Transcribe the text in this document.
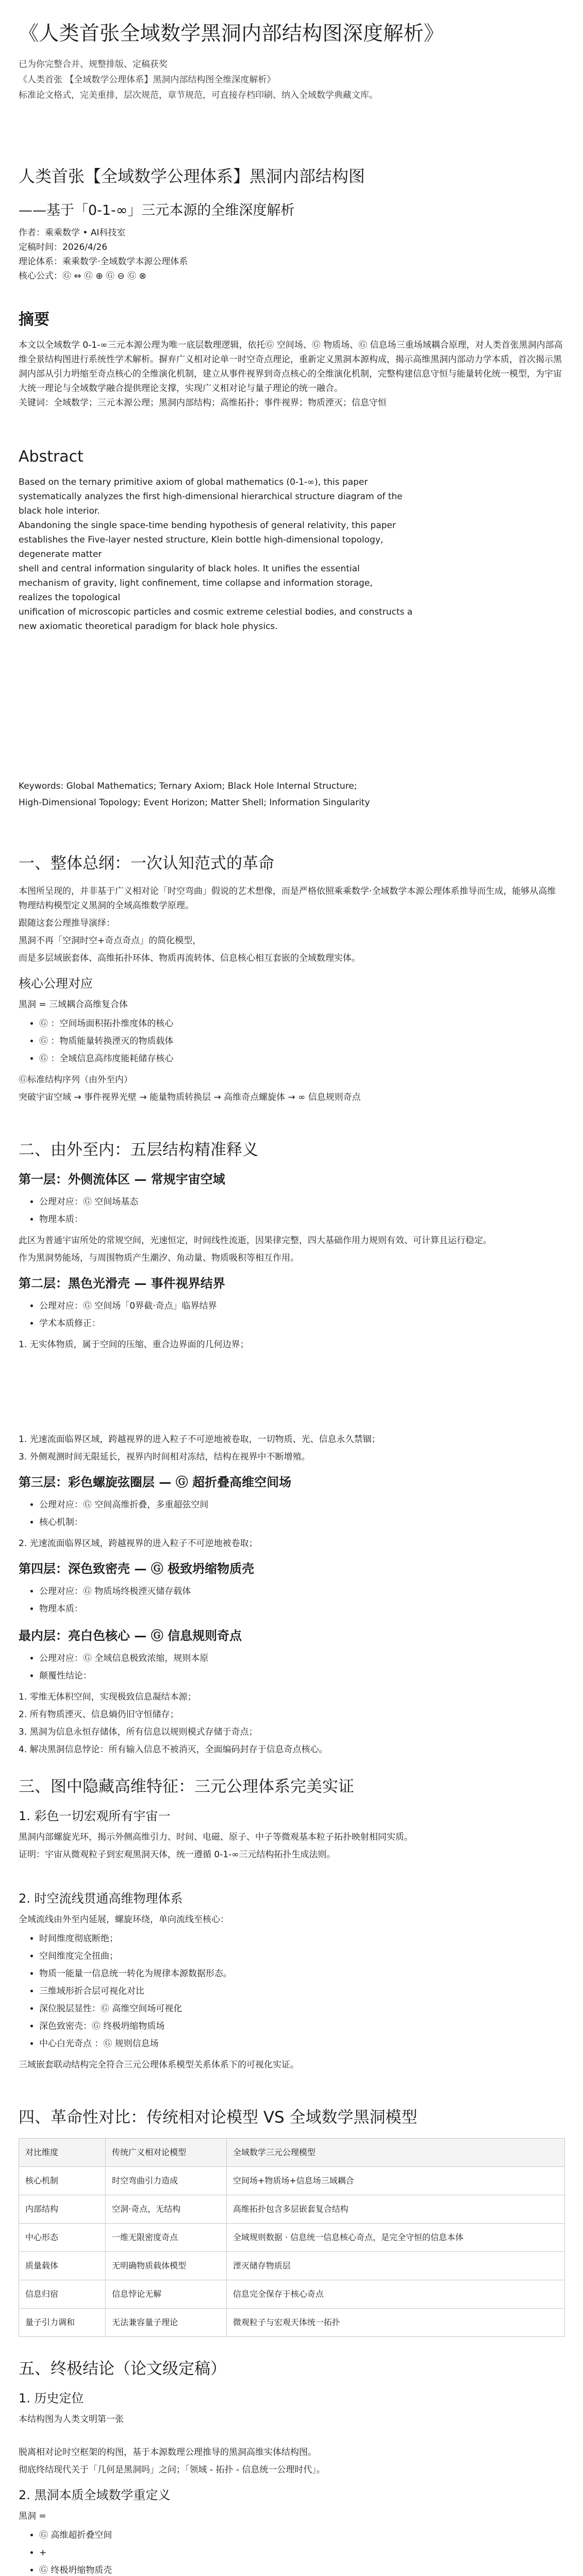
《人类首张全域数学黑洞内部结构图深度解析》

已为你完整合并、规整排版、定稿获奖

《人类首张 【全域数学公理体系】黑洞内部结构图全维深度解析》

标准论文格式，完美重排，层次规范，章节规范，可直接存档印刷、纳入全域数学典藏文库。

人类首张【全域数学公理体系】黑洞内部结构图
——基于「0-1-∞」三元本源的全维深度解析

作者：乘乘数学 • AI科技室

定稿时间：2026/4/26

理论体系：乘乘数学·全域数学本源公理体系

核心公式：Ⓖ ⇔ Ⓖ ⊕ Ⓖ ⊖ Ⓖ ⊗

摘要

本文以全域数学 0-1-∞三元本源公理为唯一底层数理逻辑，依托Ⓖ 空间场、Ⓖ 物质场、Ⓖ 信息场三重场域耦合原理，对人类首张黑洞内部高维全景结构图进行系统性学术解析。摒弃广义相对论单一时空奇点理论，重新定义黑洞本源构成，揭示高维黑洞内部动力学本质，首次揭示黑洞内部从引力坍缩至奇点核心的全维演化机制，建立从事件视界到奇点核心的全维演化机制，完整构建信息守恒与能量转化统一模型，为宇宙大统一理论与全域数学融合提供理论支撑，实现广义相对论与量子理论的统一融合。

关键词：全域数学；三元本源公理；黑洞内部结构；高维拓扑；事件视界；物质湮灭；信息守恒

Abstract

Based on the ternary primitive axiom of global mathematics (0-1-∞), this paper

systematically analyzes the first high-dimensional hierarchical structure diagram of the

black hole interior.

Abandoning the single space-time bending hypothesis of general relativity, this paper

establishes the Five-layer nested structure, Klein bottle high-dimensional topology,

degenerate matter

shell and central information singularity of black holes. It unifies the essential

mechanism of gravity, light confinement, time collapse and information storage,

realizes the topological

unification of microscopic particles and cosmic extreme celestial bodies, and constructs a

new axiomatic theoretical paradigm for black hole physics.

Keywords: Global Mathematics; Ternary Axiom; Black Hole Internal Structure;

High-Dimensional Topology; Event Horizon; Matter Shell; Information Singularity

一、整体总纲：一次认知范式的革命

本图所呈现的，并非基于广义相对论「时空弯曲」假说的艺术想像，而是严格依照乘乘数学·全域数学本源公理体系推导而生成，能够从高维物理结构模型定义黑洞的全域高维数学原理。

跟随这套公理推导演绎：

黑洞不再「空洞时空+奇点奇点」的简化模型，

而是多层域嵌套体、高维拓扑环体、物质再流转体、信息核心相互套嵌的全域数理实体。

核心公理对应

黑洞 = 三域耦合高维复合体

• Ⓖ ：空间场面积拓扑维度体的核心
• Ⓖ ：物质能量转换湮灭的物质载体
• Ⓖ ：全域信息高纬度能耗储存核心

Ⓖ标准结构序列（由外至内）

突破宇宙空域 → 事件视界光壁 → 能量物质转换层 → 高维奇点螺旋体 → ∞ 信息规则奇点

二、由外至内：五层结构精准释义
第一层：外侧流体区 — 常规宇宙空域
• 公理对应：Ⓖ 空间场基态
• 物理本质：

此区为普通宇宙所处的常规空间，光速恒定，时间线性流逝，因果律完整，四大基础作用力规则有效、可计算且运行稳定。

作为黑洞势能场，与周围物质产生潮汐、角动量、物质吸积等相互作用。

第二层：黑色光滑壳 — 事件视界结界
• 公理对应：Ⓖ 空间场「0界截·奇点」临界结界
• 学术本质修正：

1. 无实体物质，属于空间的压缩、重合边界面的几何边界；

1. 光速流面临界区域，跨越视界的进入粒子不可逆地被卷取，一切物质、光、信息永久禁锢；

3. 外侧观测时间无限延长，视界内时间相对冻结，结构在视界中不断增殖。

第三层：彩色螺旋弦圈层 — Ⓖ 超折叠高维空间场
• 公理对应：Ⓖ 空间高维折叠，多重超弦空间
• 核心机制：

2. 光速流面临界区域，跨越视界的进入粒子不可逆地被卷取；

第四层：深色致密壳 — Ⓖ 极致坍缩物质壳
• 公理对应：Ⓖ 物质场终极湮灭储存载体
• 物理本质：
最内层：亮白色核心 — Ⓖ 信息规则奇点
• 公理对应：Ⓖ 全域信息极致浓缩，规则本原
• 颠覆性结论：

1. 零维无体积空间，实现极致信息凝结本源；

2. 所有物质湮灭、信息熵仍旧守恒储存；

3. 黑洞为信息永恒存储体，所有信息以规则模式存储于奇点；

4. 解决黑洞信息悖论：所有输入信息不被消灭，全面编码封存于信息奇点核心。

三、图中隐藏高维特征：三元公理体系完美实证
1. 彩色一切宏观所有宇宙一

黑洞内部螺旋光环，揭示外侧高维引力、时间、电磁、原子、中子等微观基本粒子拓扑映射相同实质。

证明：宇宙从微观粒子到宏观黑洞天体，统一遵循 0-1-∞三元结构拓扑生成法则。

2. 时空流线贯通高维物理体系

全域流线由外至内延展，螺旋环绕，单向流线至核心：

• 时间维度彻底断绝；
• 空间维度完全扭曲；
• 物质一能量一信息统一转化为规律本源数据形态。
• 三维域形折合层可视化对比
• 深位脱层显性：Ⓖ 高维空间场可视化
• 深色致密壳：Ⓖ 终极坍缩物质场
• 中心白光奇点 ：Ⓖ 规则信息场

三域嵌套联动结构完全符合三元公理体系模型关系体系下的可视化实证。

四、革命性对比：传统相对论模型 VS 全域数学黑洞模型
对比维度	传统广义相对论模型	全域数学三元公理模型
核心机制	时空弯曲引力造成	空间场+物质场+信息场三域耦合
内部结构	空洞·奇点，无结构	高维拓扑包含多层嵌套复合结构
中心形态	一维无限密度奇点	全域规则数据 · 信息统一信息核心奇点，是完全守恒的信息本体
质量载体	无明确物质载体模型	湮灭储存物质层
信息归宿	信息悖论无解	信息完全保存于核心奇点
量子引力调和	无法兼容量子理论	微观粒子与宏观天体统一拓扑
五、终极结论（论文级定稿）
1. 历史定位

本结构图为人类文明第一张

脱离相对论时空框架的构图，基于本源数理公理推导的黑洞高维实体结构图。

彻底终结现代关于「几何是黑洞吗」之问；「领域 - 拓扑 - 信息统一公理时代」。

2. 黑洞本质全域数学重定义

黑洞 =

• Ⓖ 高维超折叠空间
• +
• Ⓖ 终极坍缩物质壳
